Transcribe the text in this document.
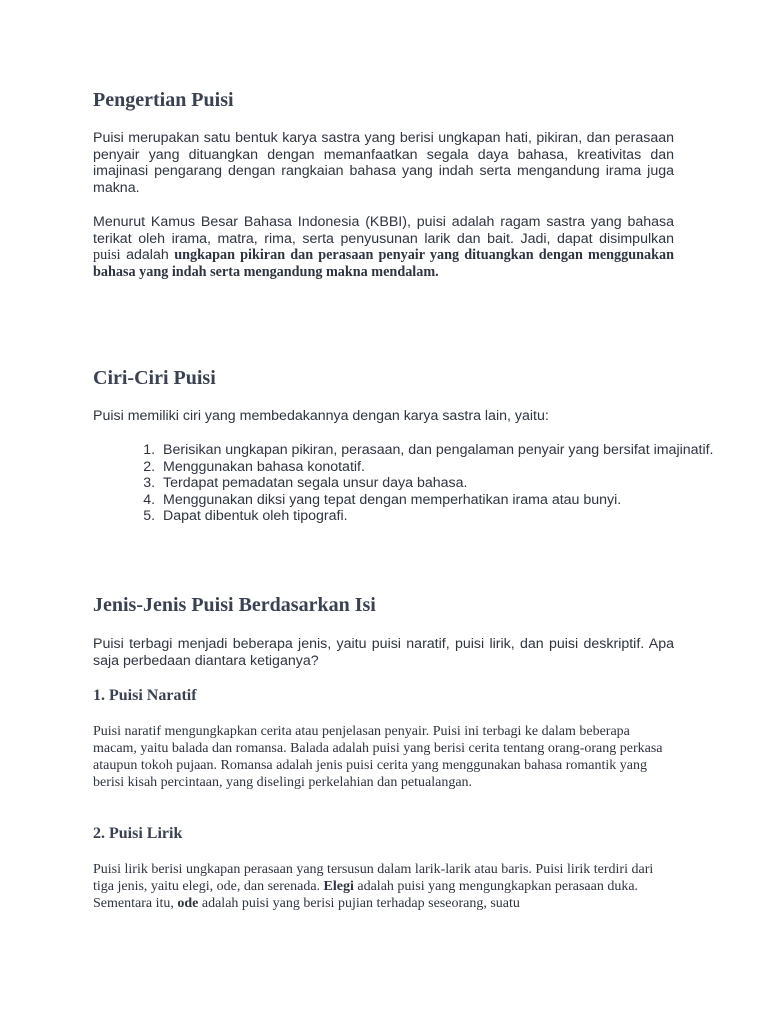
Pengertian Puisi

Puisi merupakan satu bentuk karya sastra yang berisi ungkapan hati, pikiran, dan perasaan penyair yang dituangkan dengan memanfaatkan segala daya bahasa, kreativitas dan imajinasi pengarang dengan rangkaian bahasa yang indah serta mengandung irama juga makna.

Menurut Kamus Besar Bahasa Indonesia (KBBI), puisi adalah ragam sastra yang bahasa terikat oleh irama, matra, rima, serta penyusunan larik dan bait. Jadi, dapat disimpulkan puisi adalah ungkapan pikiran dan perasaan penyair yang dituangkan dengan menggunakan bahasa yang indah serta mengandung makna mendalam.

Ciri-Ciri Puisi

Puisi memiliki ciri yang membedakannya dengan karya sastra lain, yaitu:

1. Berisikan ungkapan pikiran, perasaan, dan pengalaman penyair yang bersifat imajinatif.
2. Menggunakan bahasa konotatif.
3. Terdapat pemadatan segala unsur daya bahasa.
4. Menggunakan diksi yang tepat dengan memperhatikan irama atau bunyi.
5. Dapat dibentuk oleh tipografi.
Jenis-Jenis Puisi Berdasarkan Isi

Puisi terbagi menjadi beberapa jenis, yaitu puisi naratif, puisi lirik, dan puisi deskriptif. Apa saja perbedaan diantara ketiganya?

1. Puisi Naratif

Puisi naratif mengungkapkan cerita atau penjelasan penyair. Puisi ini terbagi ke dalam beberapa macam, yaitu balada dan romansa. Balada adalah puisi yang berisi cerita tentang orang-orang perkasa ataupun tokoh pujaan. Romansa adalah jenis puisi cerita yang menggunakan bahasa romantik yang berisi kisah percintaan, yang diselingi perkelahian dan petualangan.

2. Puisi Lirik

Puisi lirik berisi ungkapan perasaan yang tersusun dalam larik-larik atau baris. Puisi lirik terdiri dari tiga jenis, yaitu elegi, ode, dan serenada. Elegi adalah puisi yang mengungkapkan perasaan duka. Sementara itu, ode adalah puisi yang berisi pujian terhadap seseorang, suatu
